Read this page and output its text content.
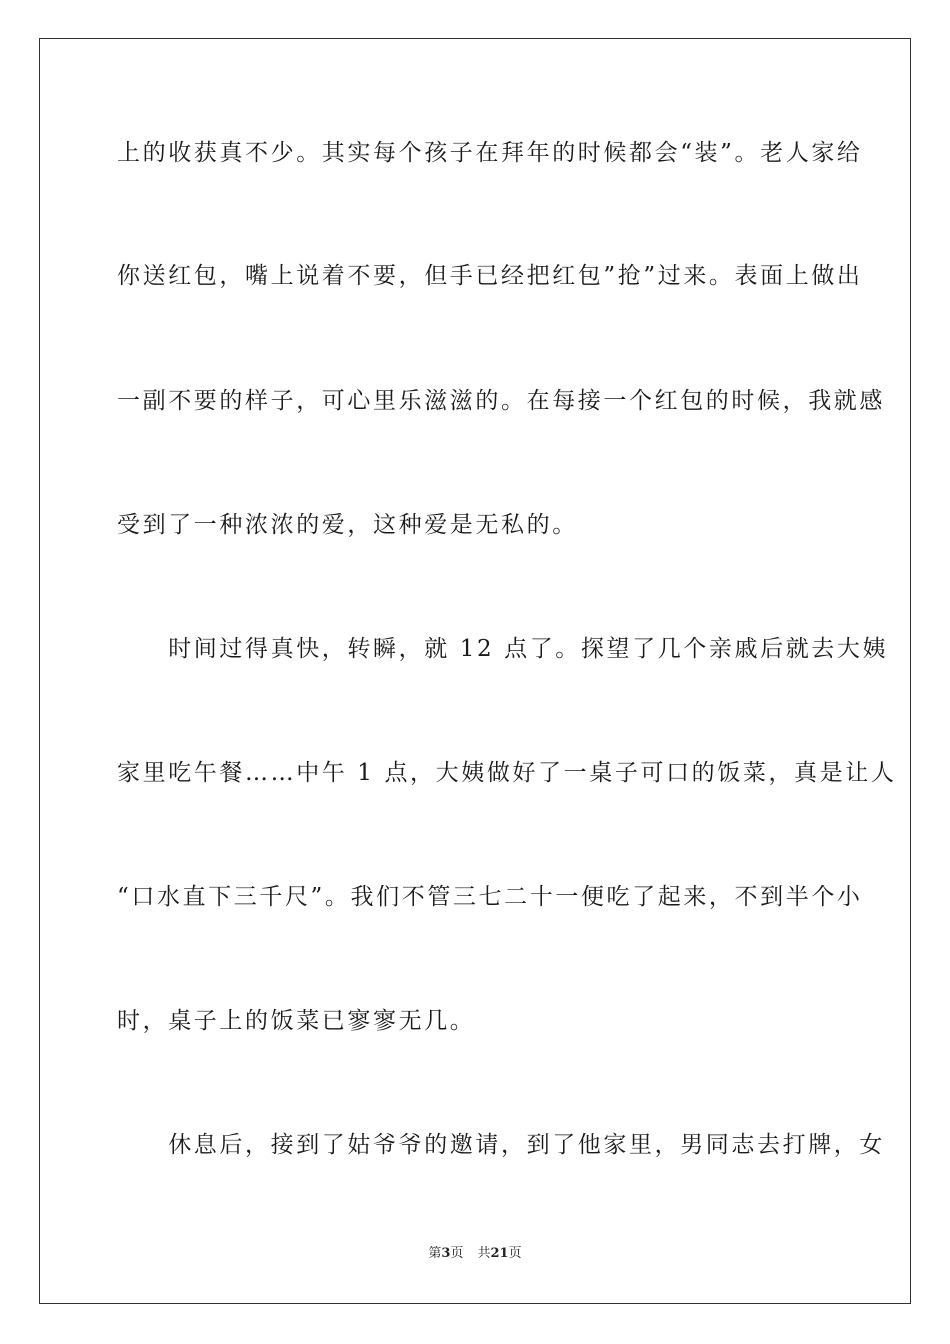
上的收获真不少。其实每个孩子在拜年的时候都会“装”。老人家给
你送红包，嘴上说着不要，但手已经把红包”抢”过来。表面上做出
一副不要的样子，可心里乐滋滋的。在每接一个红包的时候，我就感
受到了一种浓浓的爱，这种爱是无私的。
　　时间过得真快，转瞬，就 12 点了。探望了几个亲戚后就去大姨
家里吃午餐……中午 1 点，大姨做好了一桌子可口的饭菜，真是让人
“口水直下三千尺”。我们不管三七二十一便吃了起来，不到半个小
时，桌子上的饭菜已寥寥无几。
　　休息后，接到了姑爷爷的邀请，到了他家里，男同志去打牌，女
第3页 共21页
